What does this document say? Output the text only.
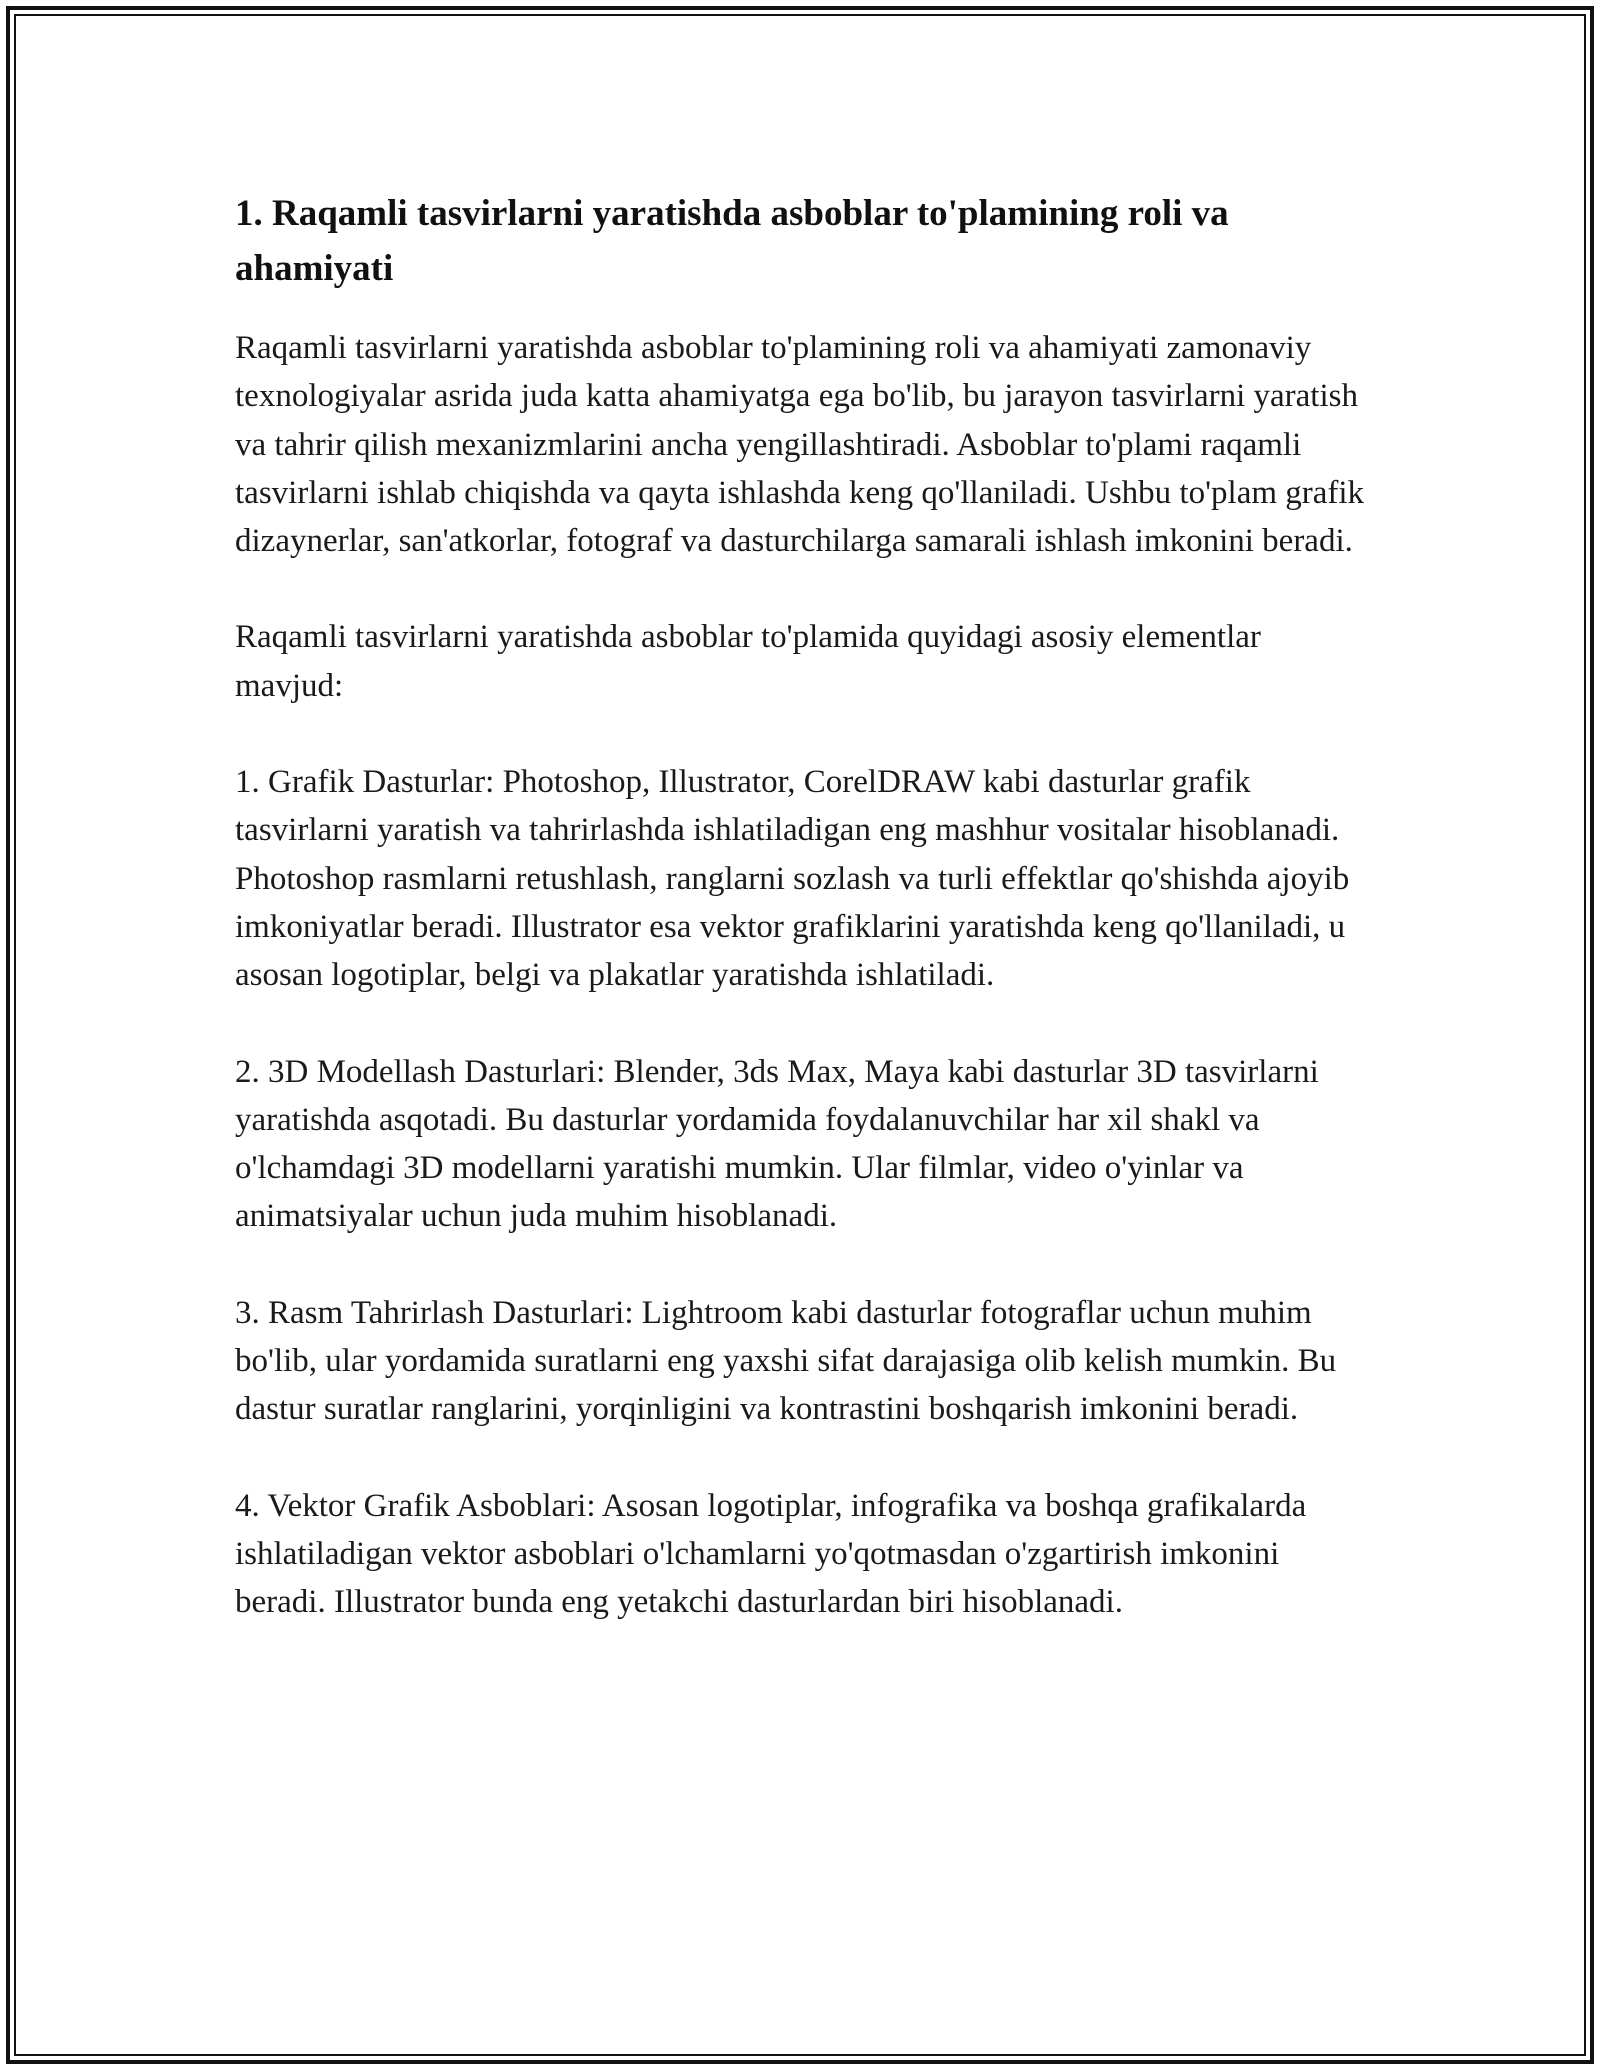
1. Raqamli tasvirlarni yaratishda asboblar to'plamining roli va ahamiyati

Raqamli tasvirlarni yaratishda asboblar to'plamining roli va ahamiyati zamonaviy texnologiyalar asrida juda katta ahamiyatga ega bo'lib, bu jarayon tasvirlarni yaratish va tahrir qilish mexanizmlarini ancha yengillashtiradi. Asboblar to'plami raqamli tasvirlarni ishlab chiqishda va qayta ishlashda keng qo'llaniladi. Ushbu to'plam grafik dizaynerlar, san'atkorlar, fotograf va dasturchilarga samarali ishlash imkonini beradi.

Raqamli tasvirlarni yaratishda asboblar to'plamida quyidagi asosiy elementlar mavjud:

1. Grafik Dasturlar: Photoshop, Illustrator, CorelDRAW kabi dasturlar grafik tasvirlarni yaratish va tahrirlashda ishlatiladigan eng mashhur vositalar hisoblanadi. Photoshop rasmlarni retushlash, ranglarni sozlash va turli effektlar qo'shishda ajoyib imkoniyatlar beradi. Illustrator esa vektor grafiklarini yaratishda keng qo'llaniladi, u asosan logotiplar, belgi va plakatlar yaratishda ishlatiladi.

2. 3D Modellash Dasturlari: Blender, 3ds Max, Maya kabi dasturlar 3D tasvirlarni yaratishda asqotadi. Bu dasturlar yordamida foydalanuvchilar har xil shakl va o'lchamdagi 3D modellarni yaratishi mumkin. Ular filmlar, video o'yinlar va animatsiyalar uchun juda muhim hisoblanadi.

3. Rasm Tahrirlash Dasturlari: Lightroom kabi dasturlar fotograflar uchun muhim bo'lib, ular yordamida suratlarni eng yaxshi sifat darajasiga olib kelish mumkin. Bu dastur suratlar ranglarini, yorqinligini va kontrastini boshqarish imkonini beradi.

4. Vektor Grafik Asboblari: Asosan logotiplar, infografika va boshqa grafikalarda ishlatiladigan vektor asboblari o'lchamlarni yo'qotmasdan o'zgartirish imkonini beradi. Illustrator bunda eng yetakchi dasturlardan biri hisoblanadi.
